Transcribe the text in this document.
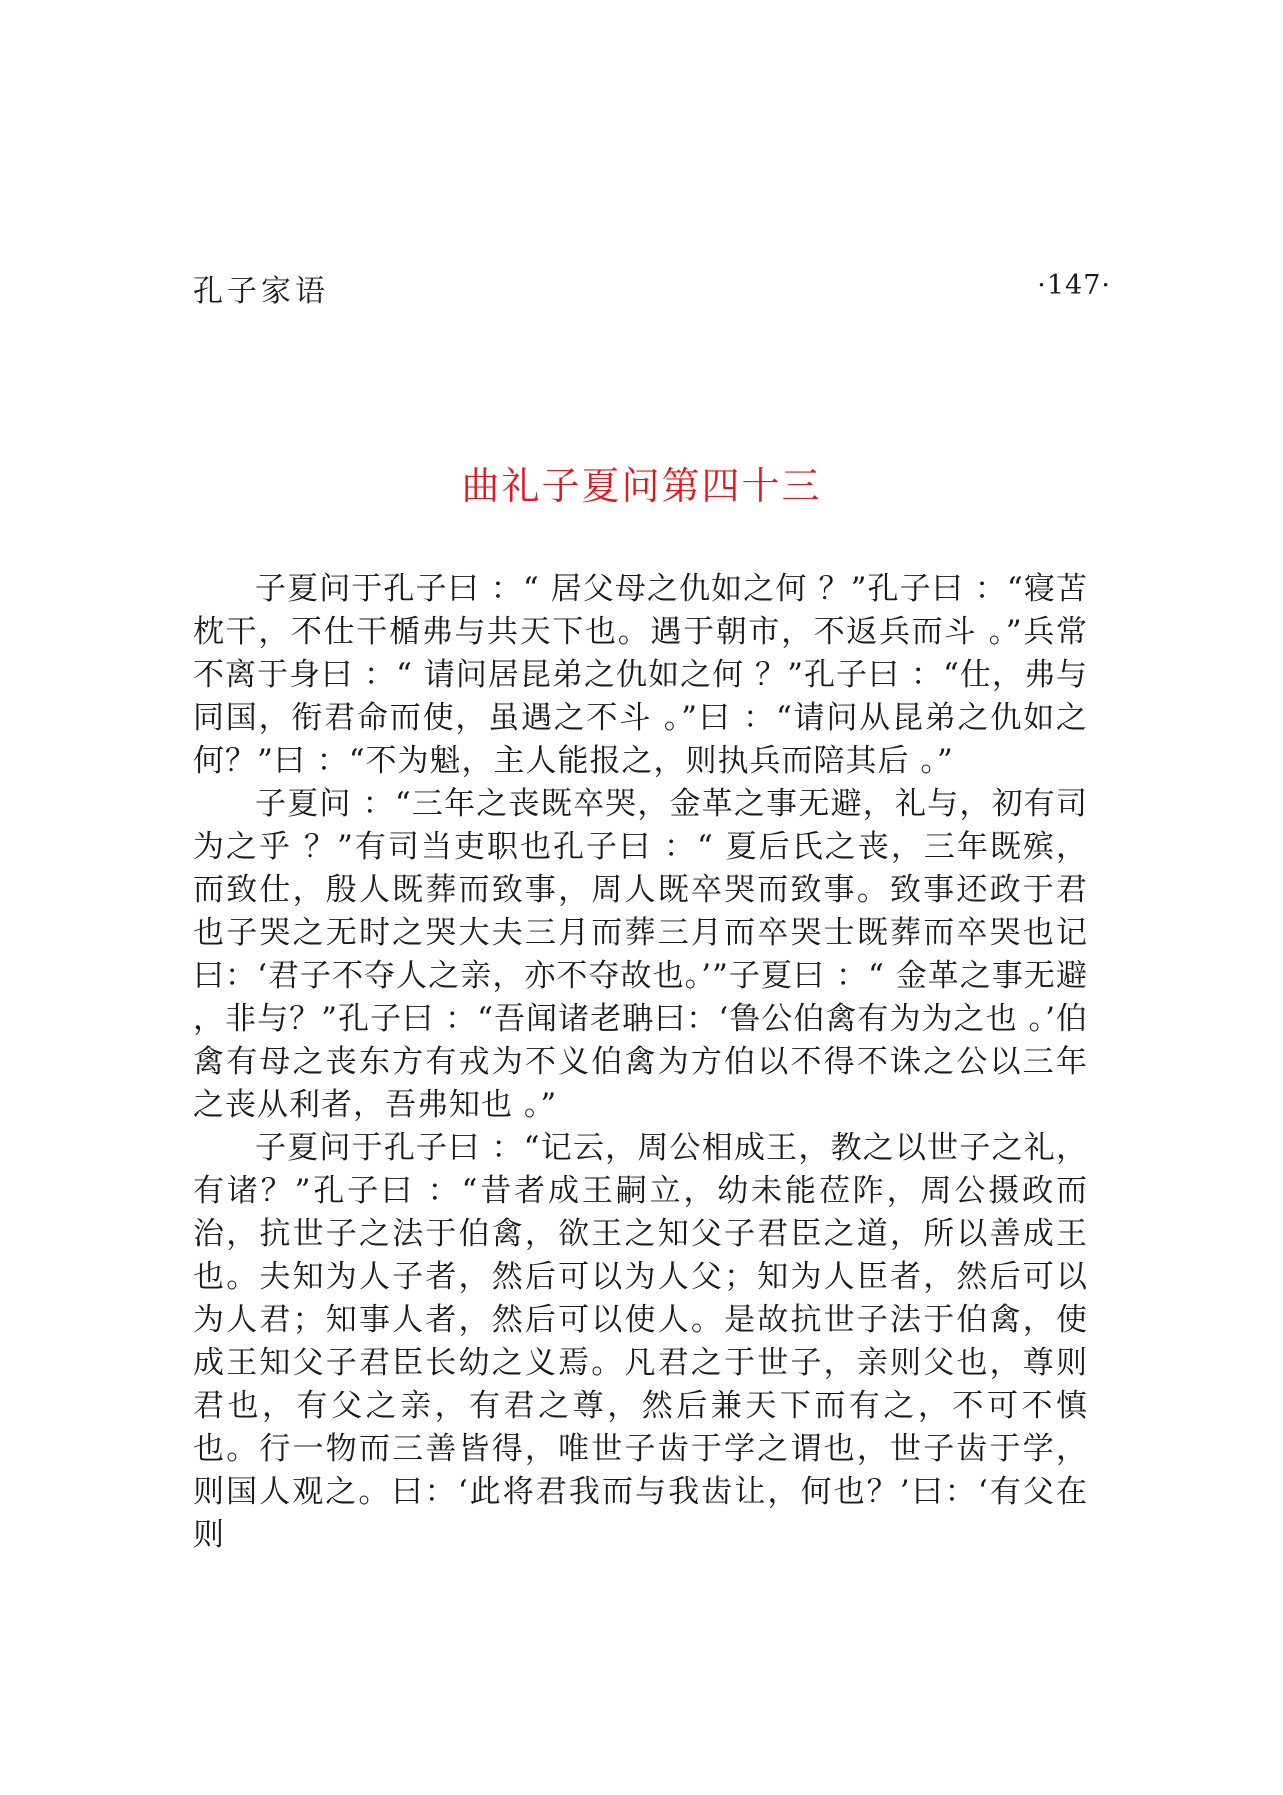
孔子家语	·147·
曲礼子夏问第四十三

子夏问于孔子曰 ：“ 居父母之仇如之何 ？”孔子曰 ：“寝苫枕干，不仕干楯弗与共天下也。遇于朝市，不返兵而斗 。”兵常不离于身曰 ：“ 请问居昆弟之仇如之何 ？”孔子曰 ：“仕，弗与同国，衔君命而使，虽遇之不斗 。”曰 ：“请问从昆弟之仇如之何？”曰 ：“不为魁，主人能报之，则执兵而陪其后 。”

子夏问 ：“三年之丧既卒哭，金革之事无避，礼与，初有司为之乎 ？”有司当吏职也孔子曰 ：“ 夏后氏之丧，三年既殡，而致仕，殷人既葬而致事，周人既卒哭而致事。致事还政于君也子哭之无时之哭大夫三月而葬三月而卒哭士既葬而卒哭也记曰：‘君子不夺人之亲，亦不夺故也。’”子夏曰 ：“ 金革之事无避 ，非与？”孔子曰 ：“吾闻诸老聃曰：‘鲁公伯禽有为为之也 。’伯禽有母之丧东方有戎为不义伯禽为方伯以不得不诛之公以三年之丧从利者，吾弗知也 。”

子夏问于孔子曰 ：“记云，周公相成王，教之以世子之礼，有诸？”孔子曰 ：“昔者成王嗣立，幼未能莅阼，周公摄政而治，抗世子之法于伯禽，欲王之知父子君臣之道，所以善成王也。夫知为人子者，然后可以为人父；知为人臣者，然后可以为人君；知事人者，然后可以使人。是故抗世子法于伯禽，使成王知父子君臣长幼之义焉。凡君之于世子，亲则父也，尊则君也，有父之亲，有君之尊，然后兼天下而有之，不可不慎也。行一物而三善皆得，唯世子齿于学之谓也，世子齿于学，则国人观之。曰：‘此将君我而与我齿让，何也？’曰：‘有父在则
